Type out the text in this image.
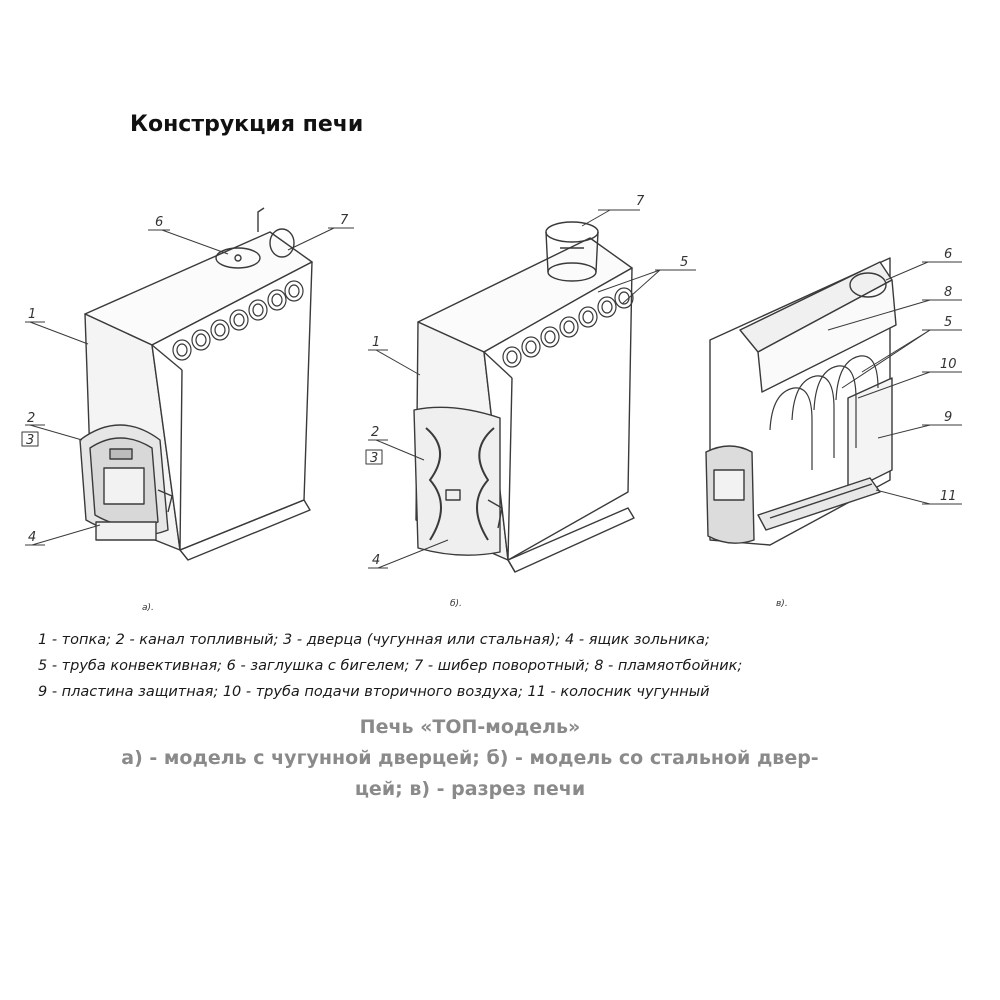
Конструкция печи
1
2
3
4
6	7
1
2
3
4
5
7
5
6
8
9
10
11
а).	б).	в).
1 - топка; 2 - канал топливный; 3 - дверца (чугунная или стальная); 4 - ящик зольника;
5 - труба конвективная; 6 - заглушка с бигелем; 7 - шибер поворотный; 8 - пламяотбойник;
9 - пластина защитная; 10 - труба подачи вторичного воздуха; 11 - колосник чугунный
Печь «ТОП-модель»
а) - модель с чугунной дверцей; б) - модель со стальной двер-
цей; в) - разрез печи
